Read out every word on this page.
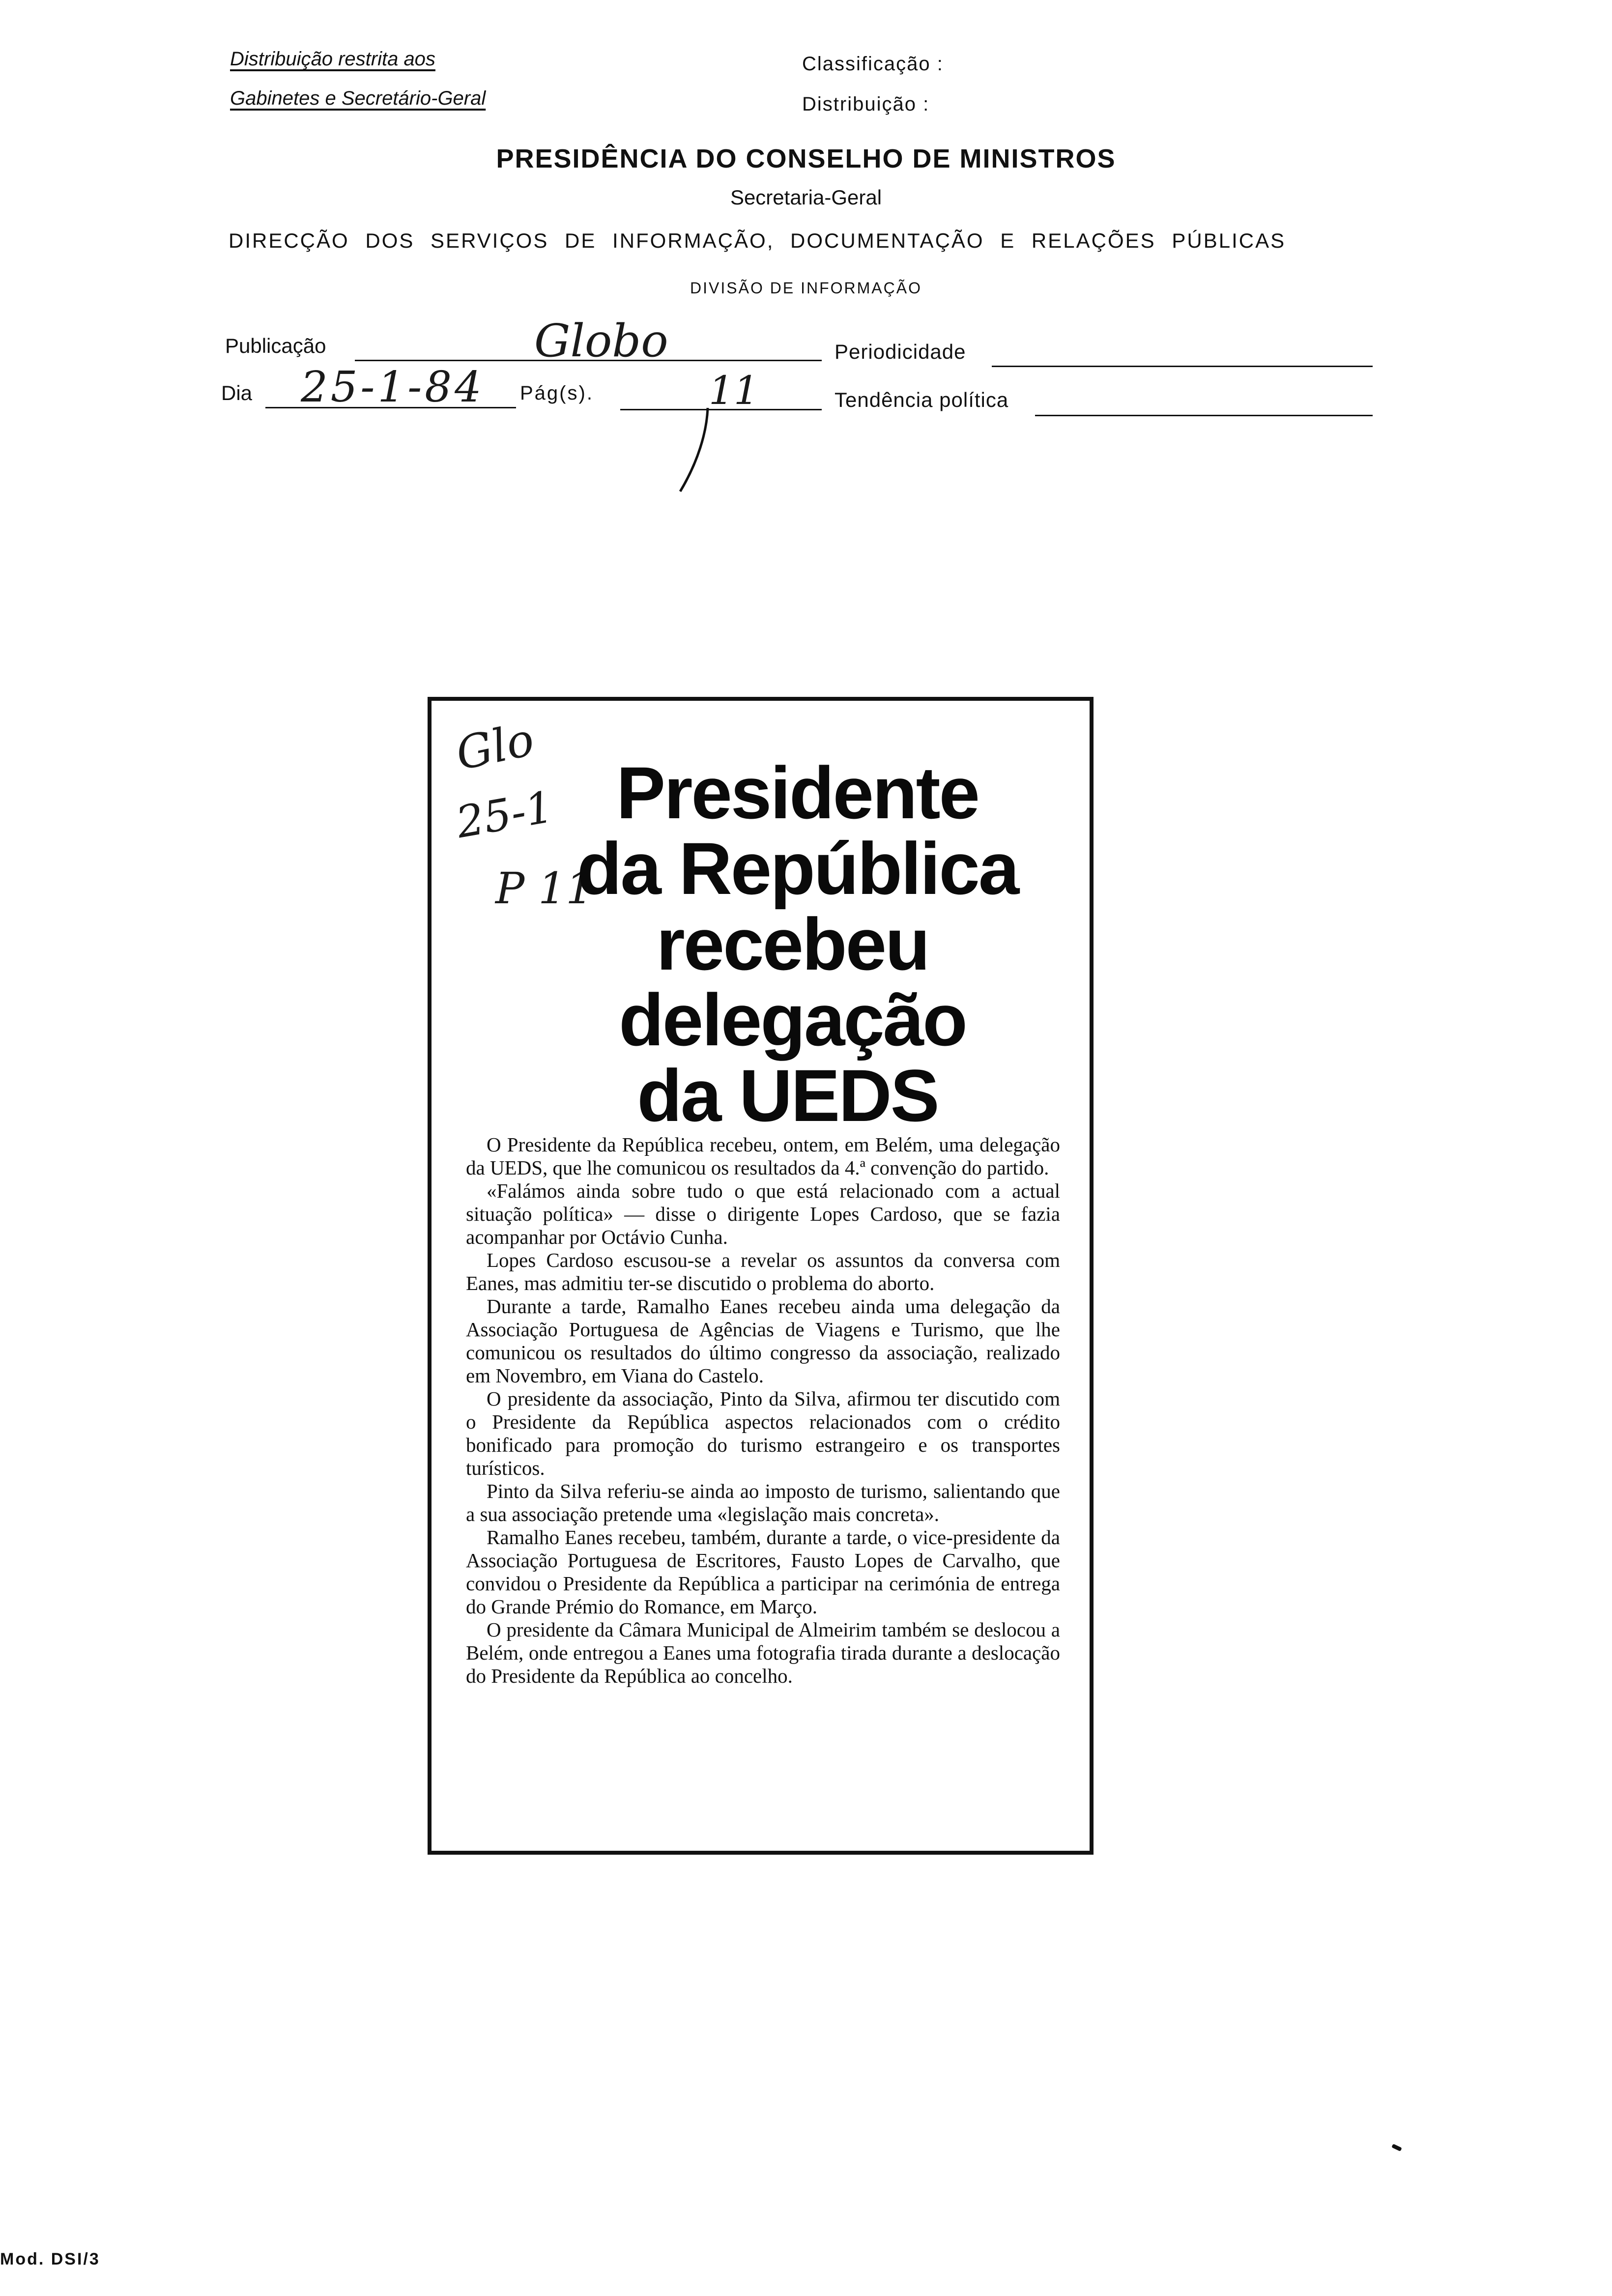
Distribuição restrita aos
Gabinetes e Secretário-Geral
Classificação :
Distribuição :
PRESIDÊNCIA DO CONSELHO DE MINISTROS
Secretaria-Geral
DIRECÇÃO DOS SERVIÇOS DE INFORMAÇÃO, DOCUMENTAÇÃO E RELAÇÕES PÚBLICAS
DIVISÃO DE INFORMAÇÃO
Publicação	Globo	Periodicidade
Dia 25-1-84 Pág(s).	11	Tendência política
Glo
25-1
P 11
Presidente
da República
recebeu
delegação
da UEDS

O Presidente da República recebeu, ontem, em Belém, uma delegação da UEDS, que lhe comunicou os resultados da 4.ª convenção do partido.

«Falámos ainda sobre tudo o que está relacionado com a actual situação política» — disse o dirigente Lopes Cardoso, que se fazia acompanhar por Octávio Cunha.

Lopes Cardoso escusou-se a revelar os assuntos da conversa com Eanes, mas admitiu ter-se discutido o problema do aborto.

Durante a tarde, Ramalho Eanes recebeu ainda uma delegação da Associação Portuguesa de Agências de Viagens e Turismo, que lhe comunicou os resultados do último congresso da associação, realizado em Novembro, em Viana do Castelo.

O presidente da associação, Pinto da Silva, afirmou ter discutido com o Presidente da República aspectos relacionados com o crédito bonificado para promoção do turismo estrangeiro e os transportes turísticos.

Pinto da Silva referiu-se ainda ao imposto de turismo, salientando que a sua associação pretende uma «legislação mais concreta».

Ramalho Eanes recebeu, também, durante a tarde, o vice-presidente da Associação Portuguesa de Escritores, Fausto Lopes de Carvalho, que convidou o Presidente da República a participar na cerimónia de entrega do Grande Prémio do Romance, em Março.

O presidente da Câmara Municipal de Almeirim também se deslocou a Belém, onde entregou a Eanes uma fotografia tirada durante a deslocação do Presidente da República ao concelho.

Mod. DSI/3
